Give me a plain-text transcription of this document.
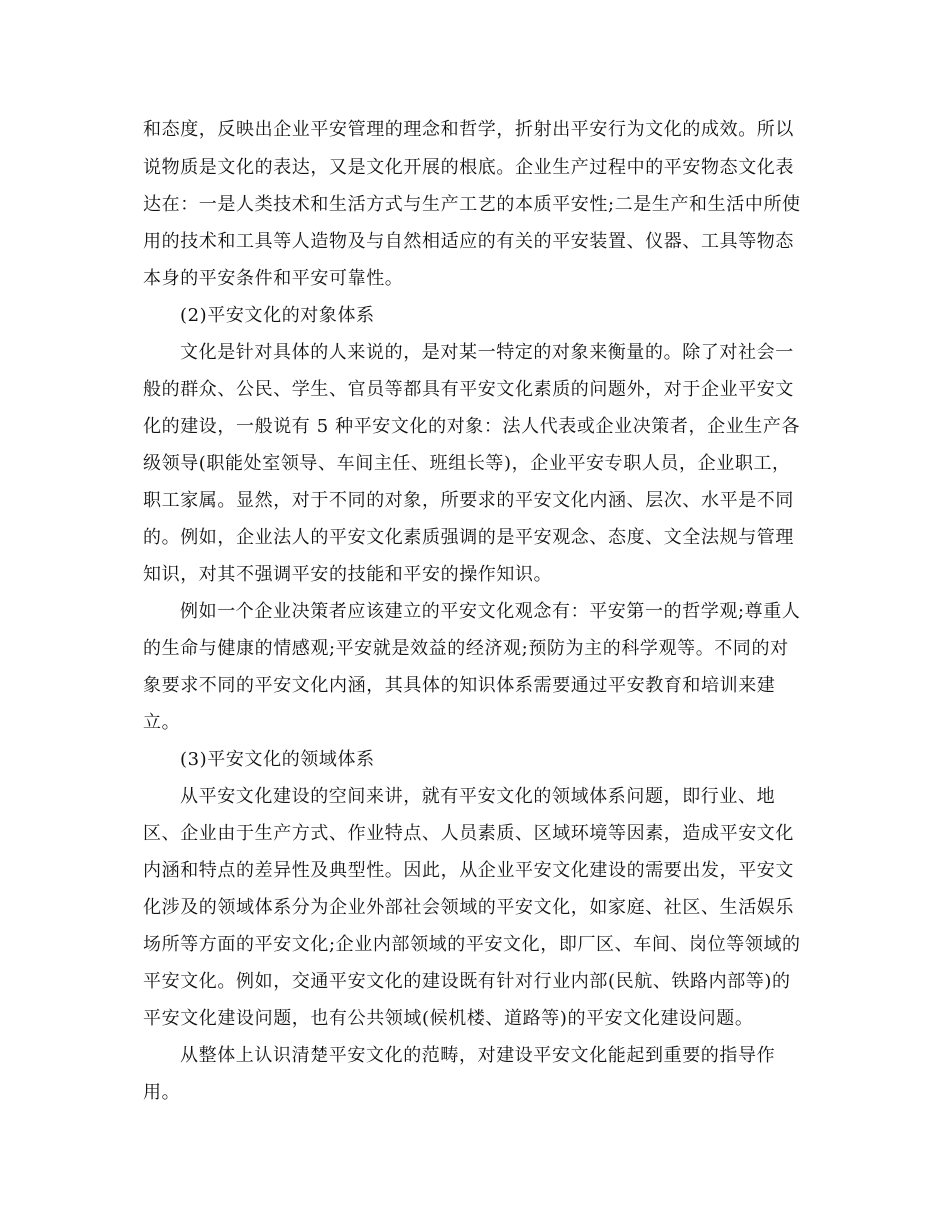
和态度，反映出企业平安管理的理念和哲学，折射出平安行为文化的成效。所以
说物质是文化的表达，又是文化开展的根底。企业生产过程中的平安物态文化表
达在：一是人类技术和生活方式与生产工艺的本质平安性;二是生产和生活中所使
用的技术和工具等人造物及与自然相适应的有关的平安装置、仪器、工具等物态
本身的平安条件和平安可靠性。
(2)平安文化的对象体系
文化是针对具体的人来说的，是对某一特定的对象来衡量的。除了对社会一
般的群众、公民、学生、官员等都具有平安文化素质的问题外，对于企业平安文
化的建设，一般说有 5 种平安文化的对象：法人代表或企业决策者，企业生产各
级领导(职能处室领导、车间主任、班组长等)，企业平安专职人员，企业职工，
职工家属。显然，对于不同的对象，所要求的平安文化内涵、层次、水平是不同
的。例如，企业法人的平安文化素质强调的是平安观念、态度、文全法规与管理
知识，对其不强调平安的技能和平安的操作知识。
例如一个企业决策者应该建立的平安文化观念有：平安第一的哲学观;尊重人
的生命与健康的情感观;平安就是效益的经济观;预防为主的科学观等。不同的对
象要求不同的平安文化内涵，其具体的知识体系需要通过平安教育和培训来建
立。
(3)平安文化的领域体系
从平安文化建设的空间来讲，就有平安文化的领域体系问题，即行业、地
区、企业由于生产方式、作业特点、人员素质、区域环境等因素，造成平安文化
内涵和特点的差异性及典型性。因此，从企业平安文化建设的需要出发，平安文
化涉及的领域体系分为企业外部社会领域的平安文化，如家庭、社区、生活娱乐
场所等方面的平安文化;企业内部领域的平安文化，即厂区、车间、岗位等领域的
平安文化。例如，交通平安文化的建设既有针对行业内部(民航、铁路内部等)的
平安文化建设问题，也有公共领域(候机楼、道路等)的平安文化建设问题。
从整体上认识清楚平安文化的范畴，对建设平安文化能起到重要的指导作
用。
